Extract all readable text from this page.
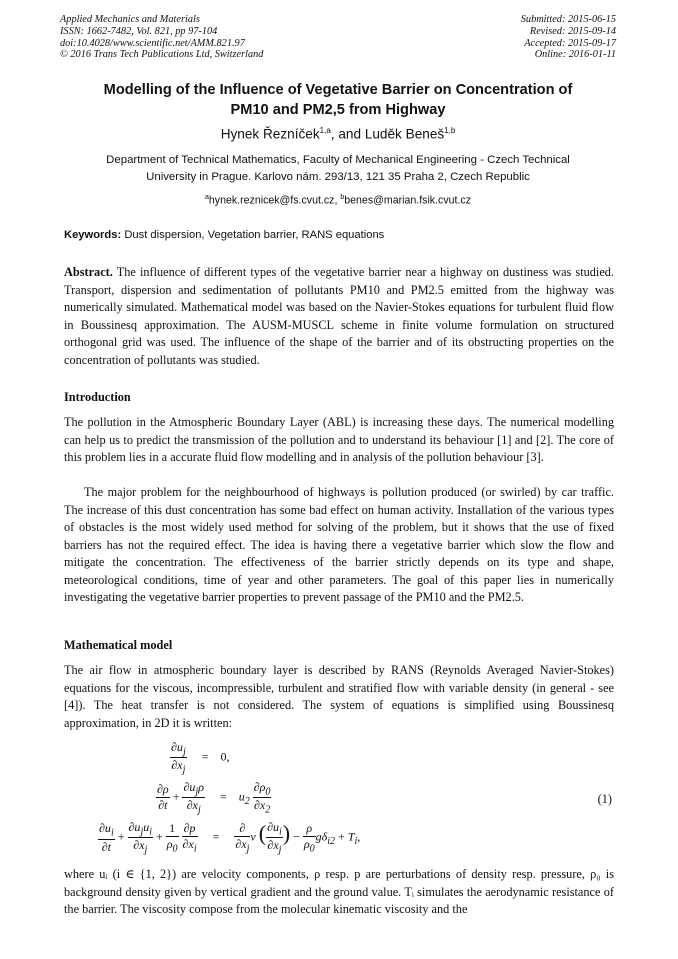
Applied Mechanics and Materials
ISSN: 1662-7482, Vol. 821, pp 97-104
doi:10.4028/www.scientific.net/AMM.821.97
© 2016 Trans Tech Publications Ltd, Switzerland
Submitted: 2015-06-15
Revised: 2015-09-14
Accepted: 2015-09-17
Online: 2016-01-11
Modelling of the Influence of Vegetative Barrier on Concentration of
PM10 and PM2,5 from Highway
Hynek Řezníček$^{1,a}$, and Luděk Beneš$^{1,b}$
Department of Technical Mathematics, Faculty of Mechanical Engineering - Czech Technical
University in Prague. Karlovo nám. 293/13, 121 35 Praha 2, Czech Republic
$^a$hynek.reznicek@fs.cvut.cz, $^b$benes@marian.fsik.cvut.cz
Keywords: Dust dispersion, Vegetation barrier, RANS equations
Abstract. The influence of different types of the vegetative barrier near a highway on dustiness was studied. Transport, dispersion and sedimentation of pollutants PM10 and PM2.5 emitted from the highway was numerically simulated. Mathematical model was based on the Navier-Stokes equations for turbulent fluid flow in Boussinesq approximation. The AUSM-MUSCL scheme in finite volume formulation on structured orthogonal grid was used. The influence of the shape of the barrier and of its obstructing properties on the concentration of pollutants was studied.
Introduction
The pollution in the Atmospheric Boundary Layer (ABL) is increasing these days. The numerical modelling can help us to predict the transmission of the pollution and to understand its behaviour [1] and [2]. The core of this problem lies in a accurate fluid flow modelling and in analysis of the pollution behaviour [3].
The major problem for the neighbourhood of highways is pollution produced (or swirled) by car traffic. The increase of this dust concentration has some bad effect on human activity. Installation of the various types of obstacles is the most widely used method for solving of the problem, but it shows that the use of fixed barriers has not the required effect. The idea is having there a vegetative barrier which slow the flow and mitigate the concentration. The effectiveness of the barrier strictly depends on its type and shape, meteorological conditions, time of year and other parameters. The goal of this paper lies in numerically investigating the vegetative barrier properties to prevent passage of the PM10 and the PM2.5.
Mathematical model
The air flow in atmospheric boundary layer is described by RANS (Reynolds Averaged Navier-Stokes) equations for the viscous, incompressible, turbulent and stratified flow with variable density (in general - see [4]). The heat transfer is not considered. The system of equations is simplified using Boussinesq approximation, in 2D it is written:
$\frac{\partial u_j}{\partial x_j}$ =    0,
$\frac{\partial\rho}{\partial t} + \frac{\partial u_j\rho}{\partial x_j}$ =    $u_2 \frac{\partial\rho_0}{\partial x_2}$
$\frac{\partial u_i}{\partial t} + \frac{\partial u_ju_i}{\partial x_j} + \frac{1}{\rho_0}$
$\frac{\partial p}{\partial x_i} = \frac{\partial}{\partial x_j}$ ν ( $\frac{\partial u_i}{\partial x_j}$ ) − $\frac{\rho}{\rho_0} g\delta_{i2} + T_i$,
(1)
where uᵢ (i ∈ {1, 2}) are velocity components, ρ resp. p are perturbations of density resp. pressure, ρ₀ is background density given by vertical gradient and the ground value. Tᵢ simulates the aerodynamic resistance of the barrier. The viscosity compose from the molecular kinematic viscosity and the
